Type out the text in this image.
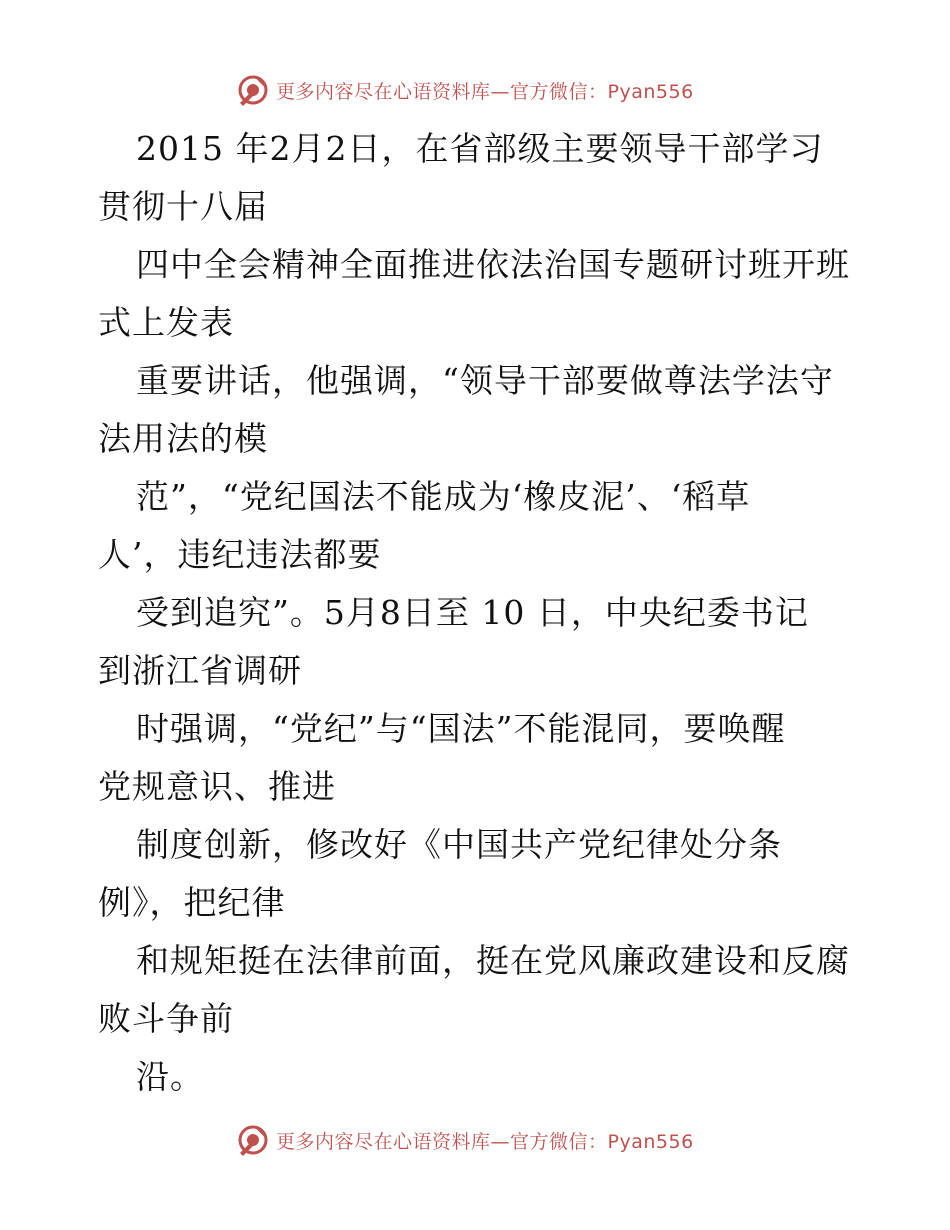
更多内容尽在心语资料库—官方微信：Pyan556

2015 年2月2日，在省部级主要领导干部学习
贯彻十八届
四中全会精神全面推进依法治国专题研讨班开班
式上发表
重要讲话，他强调，“领导干部要做尊法学法守
法用法的模
范”，“党纪国法不能成为‘橡皮泥’、‘稻草
人’，违纪违法都要
受到追究”。5月8日至 10 日，中央纪委书记
到浙江省调研
时强调，“党纪”与“国法”不能混同，要唤醒
党规意识、推进
制度创新，修改好《中国共产党纪律处分条
例》，把纪律
和规矩挺在法律前面，挺在党风廉政建设和反腐
败斗争前
沿。

更多内容尽在心语资料库—官方微信：Pyan556
